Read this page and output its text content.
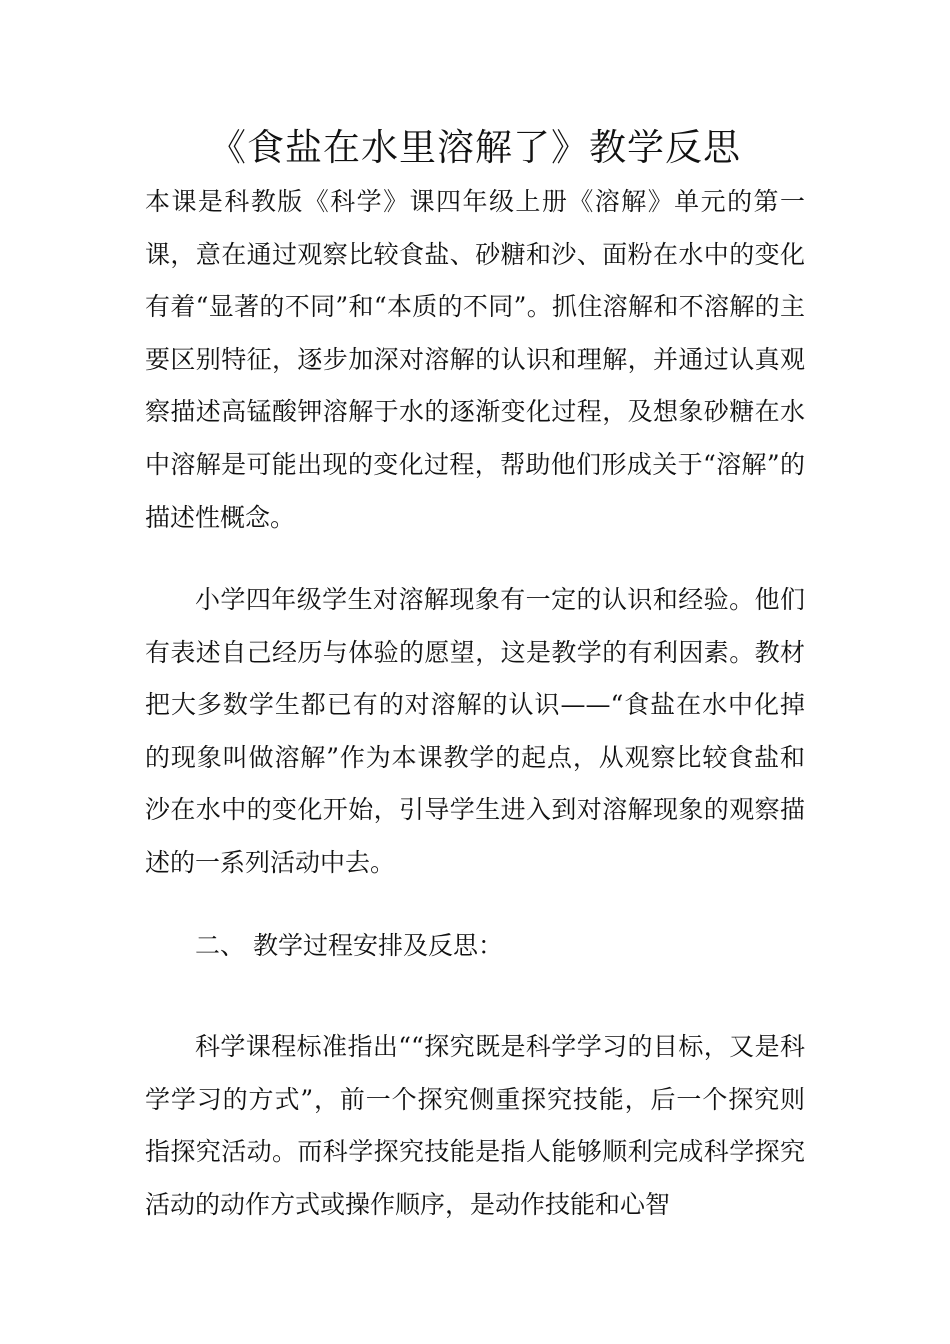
《食盐在水里溶解了》教学反思
本课是科教版《科学》课四年级上册《溶解》单元的第一课，意在通过观察比较食盐、砂糖和沙、面粉在水中的变化有着“显著的不同”和“本质的不同”。抓住溶解和不溶解的主要区别特征，逐步加深对溶解的认识和理解，并通过认真观察描述高锰酸钾溶解于水的逐渐变化过程，及想象砂糖在水中溶解是可能出现的变化过程，帮助他们形成关于“溶解”的描述性概念。
小学四年级学生对溶解现象有一定的认识和经验。他们有表述自己经历与体验的愿望，这是教学的有利因素。教材把大多数学生都已有的对溶解的认识——“食盐在水中化掉的现象叫做溶解”作为本课教学的起点，从观察比较食盐和沙在水中的变化开始，引导学生进入到对溶解现象的观察描述的一系列活动中去。
二、 教学过程安排及反思：
科学课程标准指出““探究既是科学学习的目标，又是科学学习的方式”，前一个探究侧重探究技能，后一个探究则指探究活动。而科学探究技能是指人能够顺利完成科学探究活动的动作方式或操作顺序，是动作技能和心智
